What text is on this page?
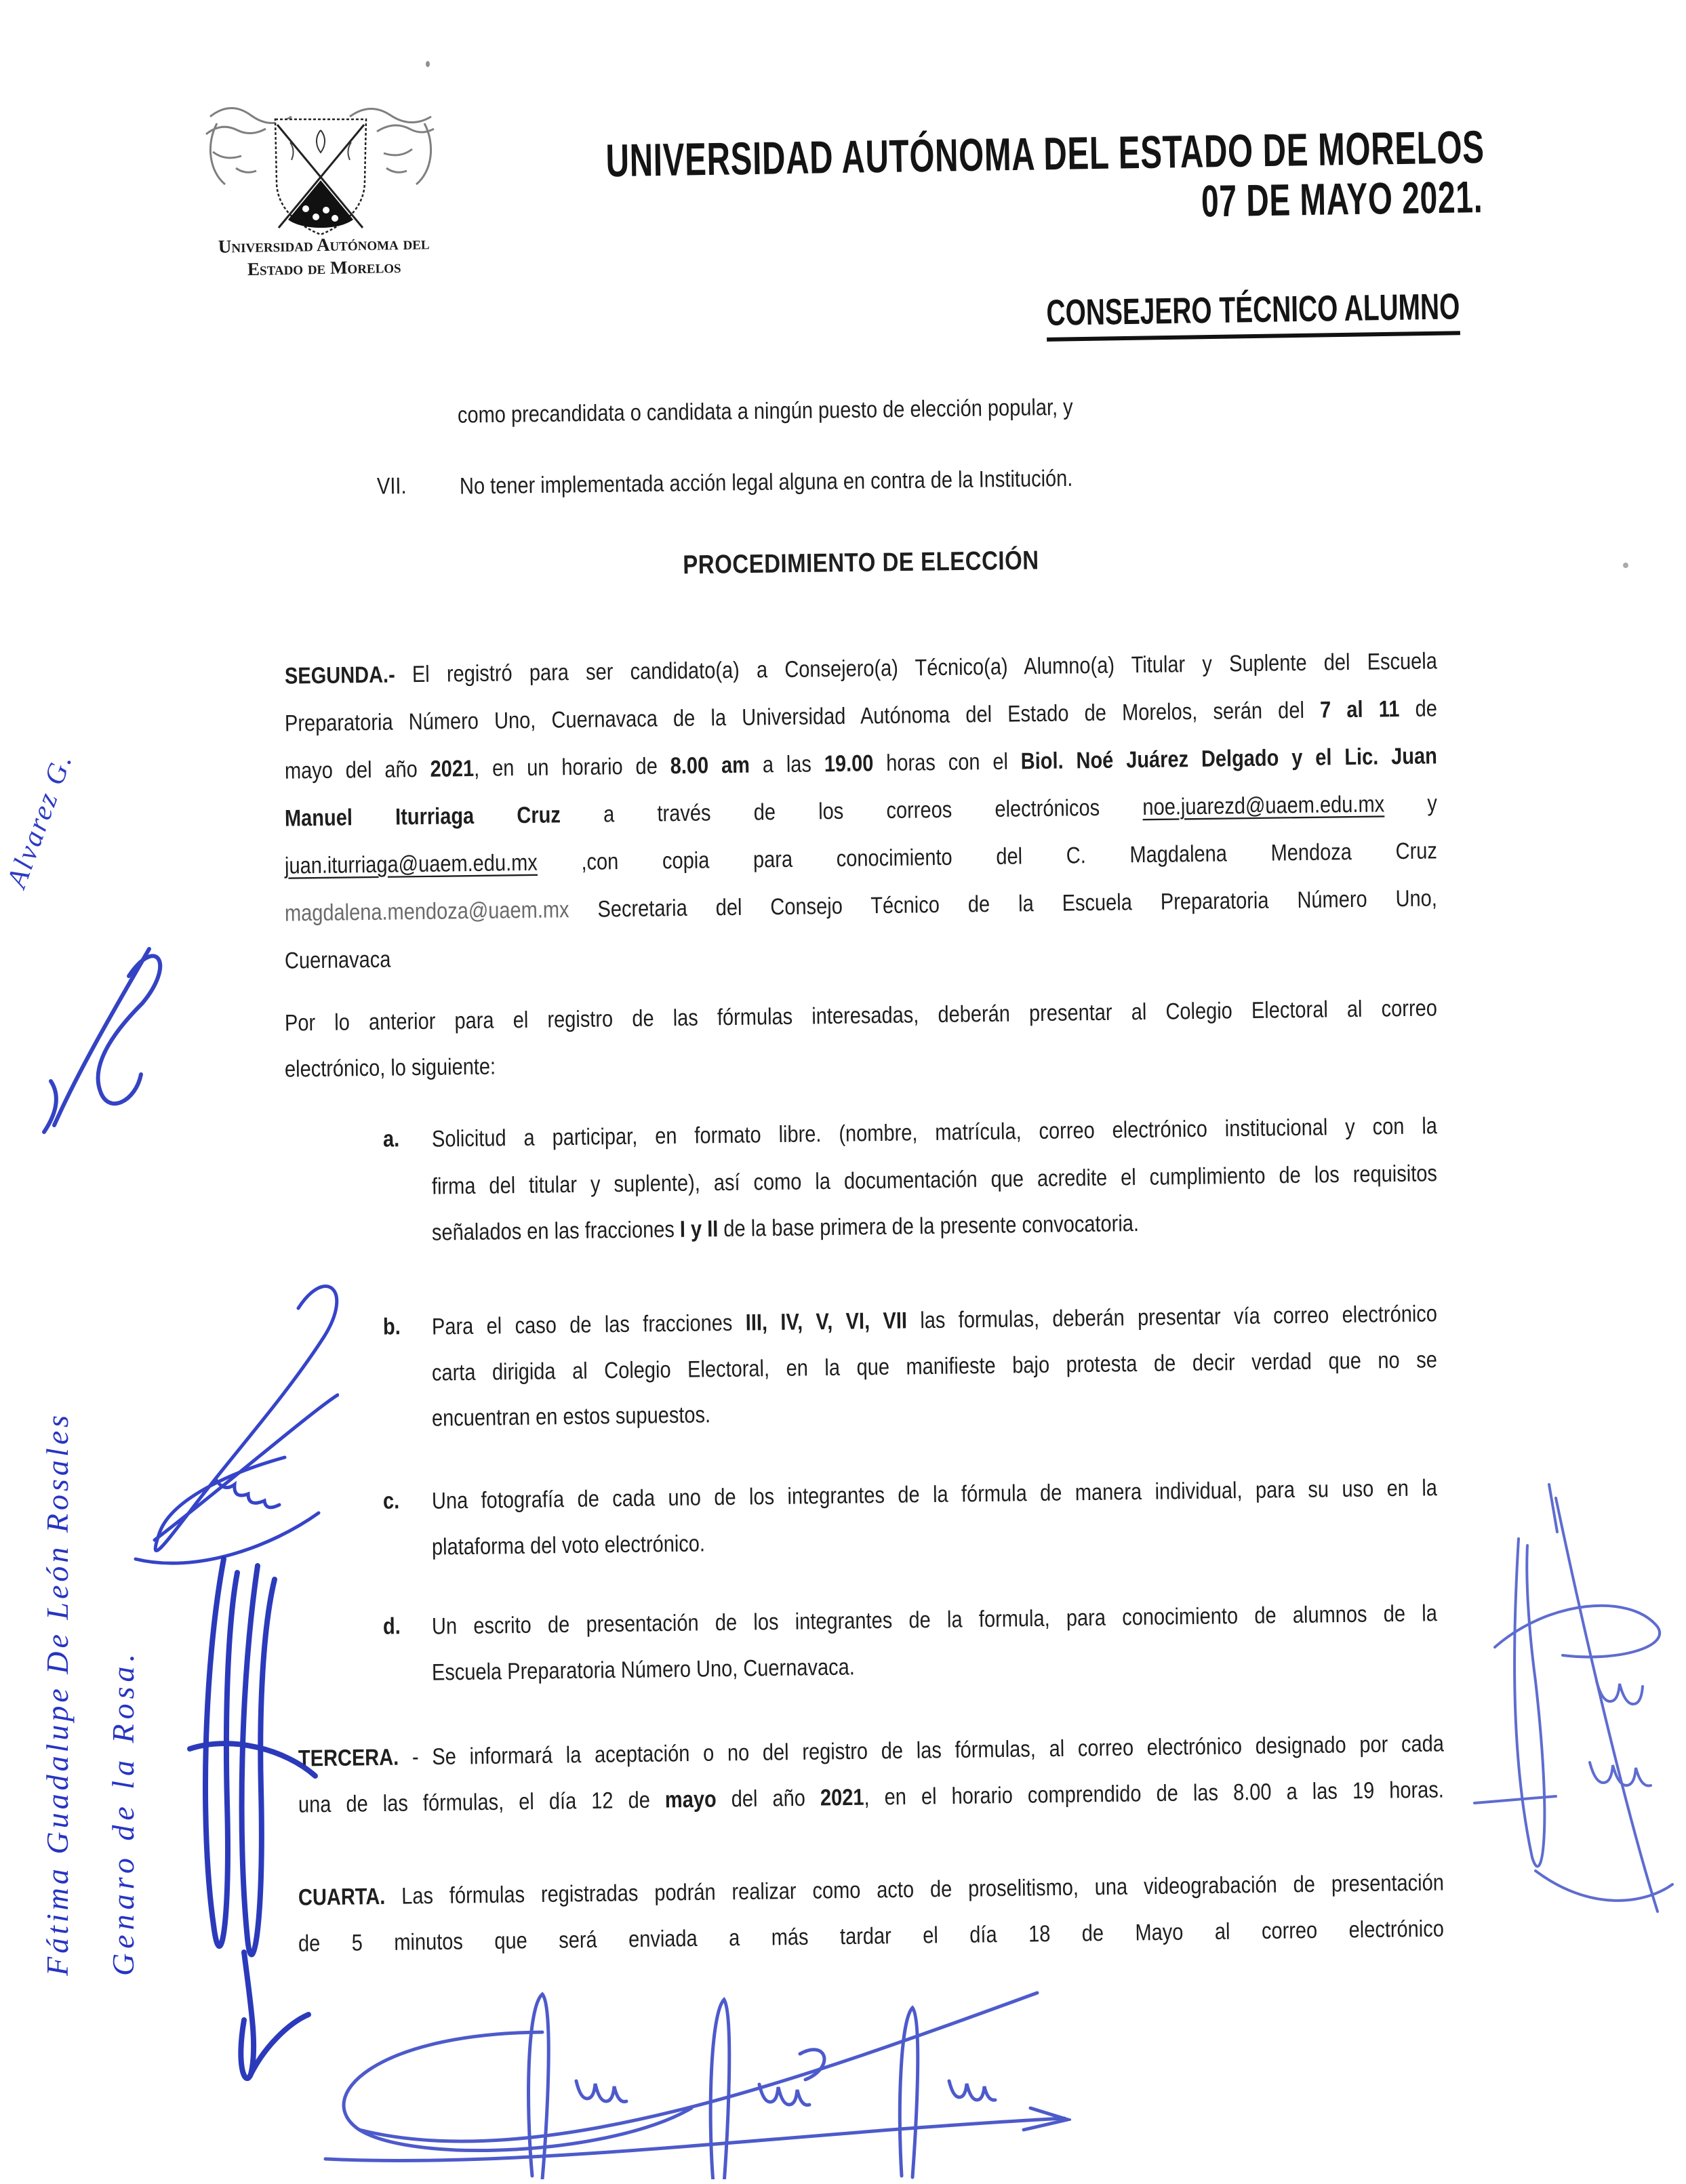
Universidad Autónoma del
Estado de Morelos
UNIVERSIDAD AUTÓNOMA DEL ESTADO DE MORELOS
07 DE MAYO 2021.
CONSEJERO TÉCNICO ALUMNO
como precandidata o candidata a ningún puesto de elección popular, y
VII.	No tener implementada acción legal alguna en contra de la Institución.
PROCEDIMIENTO DE ELECCIÓN
SEGUNDA.- El registró para ser candidato(a) a Consejero(a) Técnico(a) Alumno(a) Titular y Suplente del Escuela
Preparatoria Número Uno, Cuernavaca de la Universidad Autónoma del Estado de Morelos, serán del 7 al 11 de
mayo del año 2021, en un horario de 8.00 am a las 19.00 horas con el Biol. Noé Juárez Delgado y el Lic. Juan
Manuel Iturriaga Cruz a través de los correos electrónicos noe.juarezd@uaem.edu.mx y
juan.iturriaga@uaem.edu.mx ,con copia para conocimiento del C. Magdalena Mendoza Cruz
magdalena.mendoza@uaem.mx Secretaria del Consejo Técnico de la Escuela Preparatoria Número Uno,
Cuernavaca
Por lo anterior para el registro de las fórmulas interesadas, deberán presentar al Colegio Electoral al correo
electrónico, lo siguiente:
a. Solicitud a participar, en formato libre. (nombre, matrícula, correo electrónico institucional y con la
firma del titular y suplente), así como la documentación que acredite el cumplimiento de los requisitos
señalados en las fracciones I y II de la base primera de la presente convocatoria.
b. Para el caso de las fracciones III, IV, V, VI, VII las formulas, deberán presentar vía correo electrónico
carta dirigida al Colegio Electoral, en la que manifieste bajo protesta de decir verdad que no se
encuentran en estos supuestos.
c. Una fotografía de cada uno de los integrantes de la fórmula de manera individual, para su uso en la
plataforma del voto electrónico.
d. Un escrito de presentación de los integrantes de la formula, para conocimiento de alumnos de la
Escuela Preparatoria Número Uno, Cuernavaca.
TERCERA. - Se informará la aceptación o no del registro de las fórmulas, al correo electrónico designado por cada
una de las fórmulas, el día 12 de mayo del año 2021, en el horario comprendido de las 8.00 a las 19 horas.
CUARTA. Las fórmulas registradas podrán realizar como acto de proselitismo, una videograbación de presentación
de 5 minutos que será enviada a más tardar el día 18 de Mayo al correo electrónico
Alvarez G.
Fátima Guadalupe De León Rosales Genaro de la Rosa.
